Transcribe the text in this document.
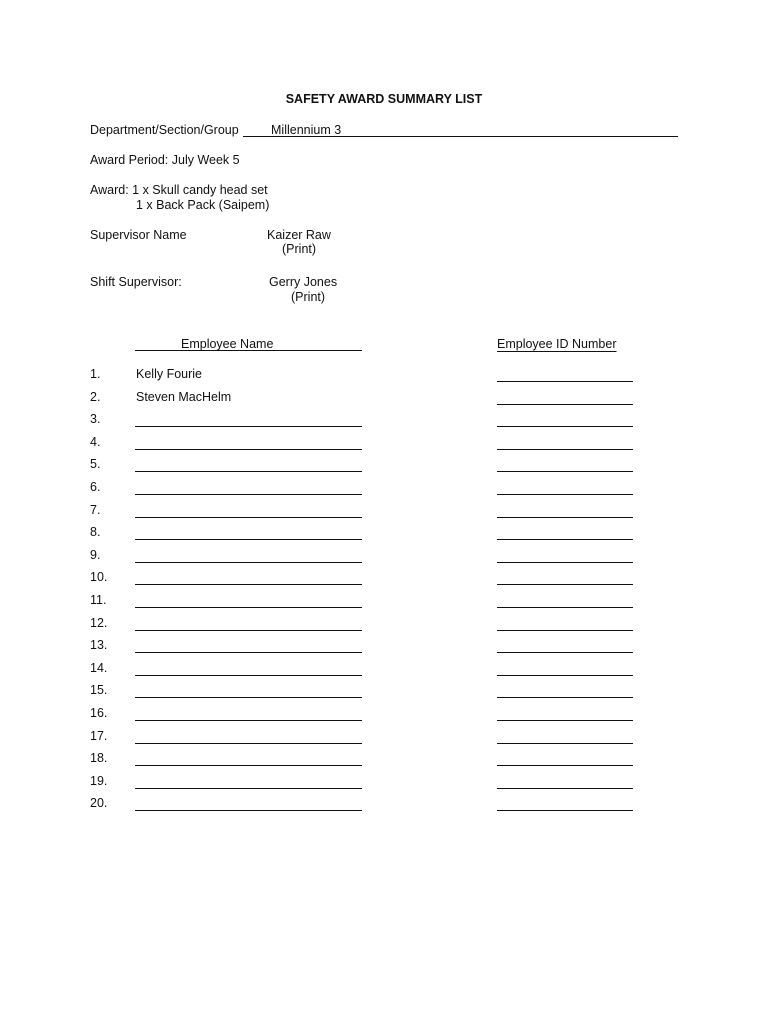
SAFETY AWARD SUMMARY LIST
Department/Section/Group	Millennium 3
Award Period: July Week 5
Award: 1 x Skull candy head set
1 x Back Pack (Saipem)
Supervisor Name	Kaizer Raw
(Print)
Shift Supervisor:	Gerry Jones
(Print)
Employee Name	Employee ID Number
1.	Kelly Fourie
2.	Steven MacHelm
3.
4.
5.
6.
7.
8.
9.
10.
11.
12.
13.
14.
15.
16.
17.
18.
19.
20.
